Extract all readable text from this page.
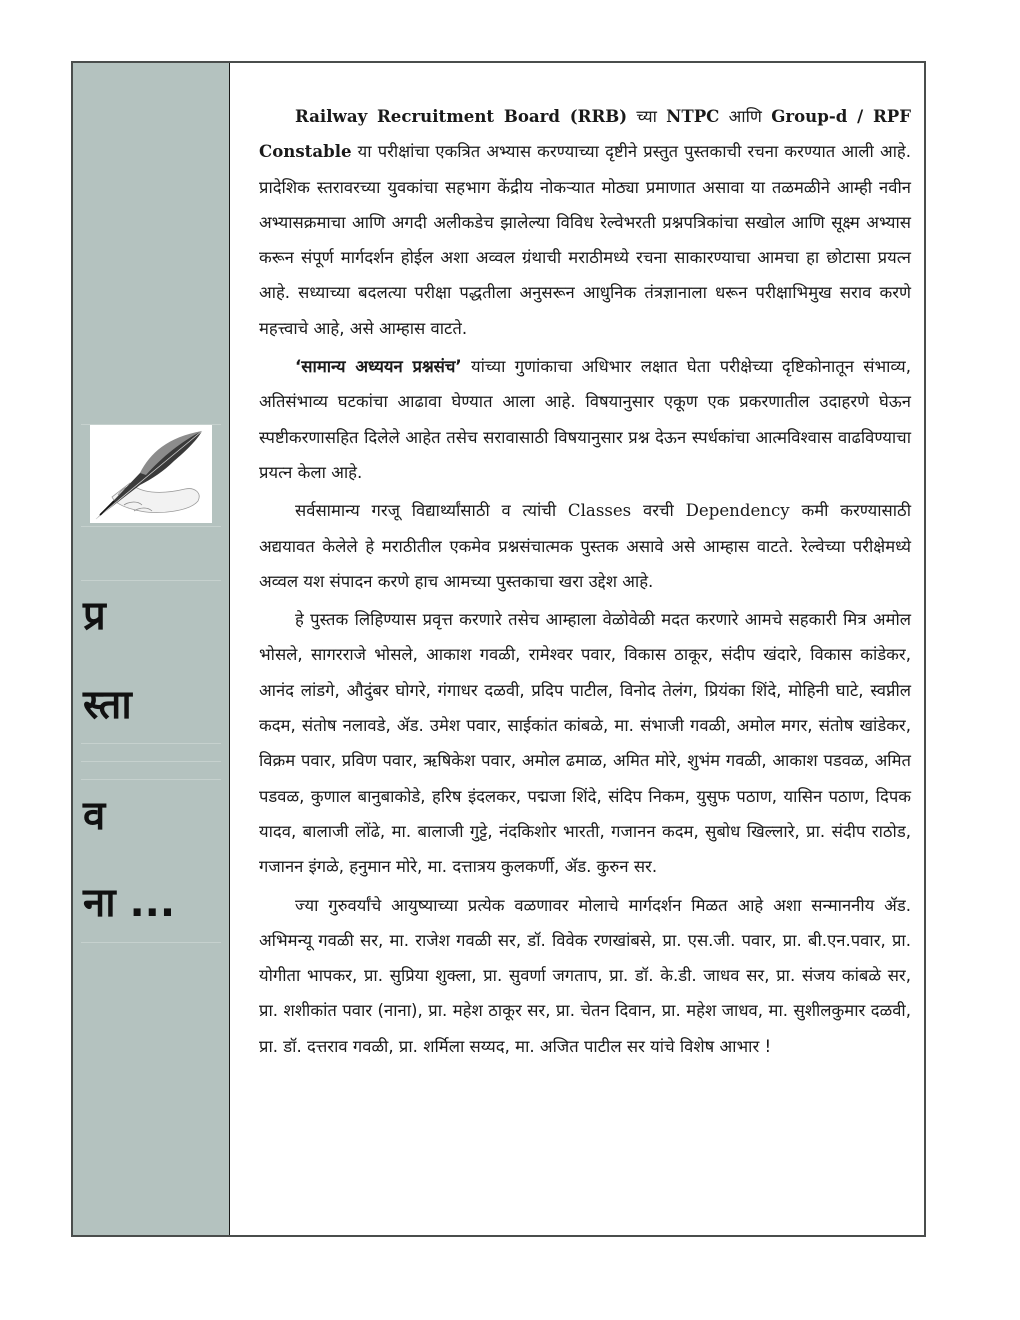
प्र
स्ता
व
ना ...

Railway Recruitment Board (RRB) च्या NTPC आणि Group-d / RPF Constable या परीक्षांचा एकत्रित अभ्यास करण्याच्या दृष्टीने प्रस्तुत पुस्तकाची रचना करण्यात आली आहे. प्रादेशिक स्तरावरच्या युवकांचा सहभाग केंद्रीय नोकऱ्यात मोठ्या प्रमाणात असावा या तळमळीने आम्ही नवीन अभ्यासक्रमाचा आणि अगदी अलीकडेच झालेल्या विविध रेल्वेभरती प्रश्नपत्रिकांचा सखोल आणि सूक्ष्म अभ्यास करून संपूर्ण मार्गदर्शन होईल अशा अव्वल ग्रंथाची मराठीमध्ये रचना साकारण्याचा आमचा हा छोटासा प्रयत्न आहे. सध्याच्या बदलत्या परीक्षा पद्धतीला अनुसरून आधुनिक तंत्रज्ञानाला धरून परीक्षाभिमुख सराव करणे महत्त्वाचे आहे, असे आम्हास वाटते.

‘सामान्य अध्ययन प्रश्नसंच’ यांच्या गुणांकाचा अधिभार लक्षात घेता परीक्षेच्या दृष्टिकोनातून संभाव्य, अतिसंभाव्य घटकांचा आढावा घेण्यात आला आहे. विषयानुसार एकूण एक प्रकरणातील उदाहरणे घेऊन स्पष्टीकरणासहित दिलेले आहेत तसेच सरावासाठी विषयानुसार प्रश्न देऊन स्पर्धकांचा आत्मविश्वास वाढविण्याचा प्रयत्न केला आहे.

सर्वसामान्य गरजू विद्यार्थ्यांसाठी व त्यांची Classes वरची Dependency कमी करण्यासाठी अद्ययावत केलेले हे मराठीतील एकमेव प्रश्नसंचात्मक पुस्तक असावे असे आम्हास वाटते. रेल्वेच्या परीक्षेमध्ये अव्वल यश संपादन करणे हाच आमच्या पुस्तकाचा खरा उद्देश आहे.

हे पुस्तक लिहिण्यास प्रवृत्त करणारे तसेच आम्हाला वेळोवेळी मदत करणारे आमचे सहकारी मित्र अमोल भोसले, सागरराजे भोसले, आकाश गवळी, रामेश्वर पवार, विकास ठाकूर, संदीप खंदारे, विकास कांडेकर, आनंद लांडगे, औदुंबर घोगरे, गंगाधर दळवी, प्रदिप पाटील, विनोद तेलंग, प्रियंका शिंदे, मोहिनी घाटे, स्वप्नील कदम, संतोष नलावडे, ॲड. उमेश पवार, साईकांत कांबळे, मा. संभाजी गवळी, अमोल मगर, संतोष खांडेकर, विक्रम पवार, प्रविण पवार, ऋषिकेश पवार, अमोल ढमाळ, अमित मोरे, शुभंम गवळी, आकाश पडवळ, अमित पडवळ, कुणाल बानुबाकोडे, हरिष इंदलकर, पद्मजा शिंदे, संदिप निकम, युसुफ पठाण, यासिन पठाण, दिपक यादव, बालाजी लोंढे, मा. बालाजी गुट्टे, नंदकिशोर भारती, गजानन कदम, सुबोध खिल्लारे, प्रा. संदीप राठोड, गजानन इंगळे, हनुमान मोरे, मा. दत्तात्रय कुलकर्णी, ॲड. कुरुन सर.

ज्या गुरुवर्यांचे आयुष्याच्या प्रत्येक वळणावर मोलाचे मार्गदर्शन मिळत आहे अशा सन्माननीय ॲड. अभिमन्यू गवळी सर, मा. राजेश गवळी सर, डॉ. विवेक रणखांबसे, प्रा. एस.जी. पवार, प्रा. बी.एन.पवार, प्रा. योगीता भापकर, प्रा. सुप्रिया शुक्ला, प्रा. सुवर्णा जगताप, प्रा. डॉ. के.डी. जाधव सर, प्रा. संजय कांबळे सर, प्रा. शशीकांत पवार (नाना), प्रा. महेश ठाकूर सर, प्रा. चेतन दिवान, प्रा. महेश जाधव, मा. सुशीलकुमार दळवी, प्रा. डॉ. दत्तराव गवळी, प्रा. शर्मिला सय्यद, मा. अजित पाटील सर यांचे विशेष आभार !
